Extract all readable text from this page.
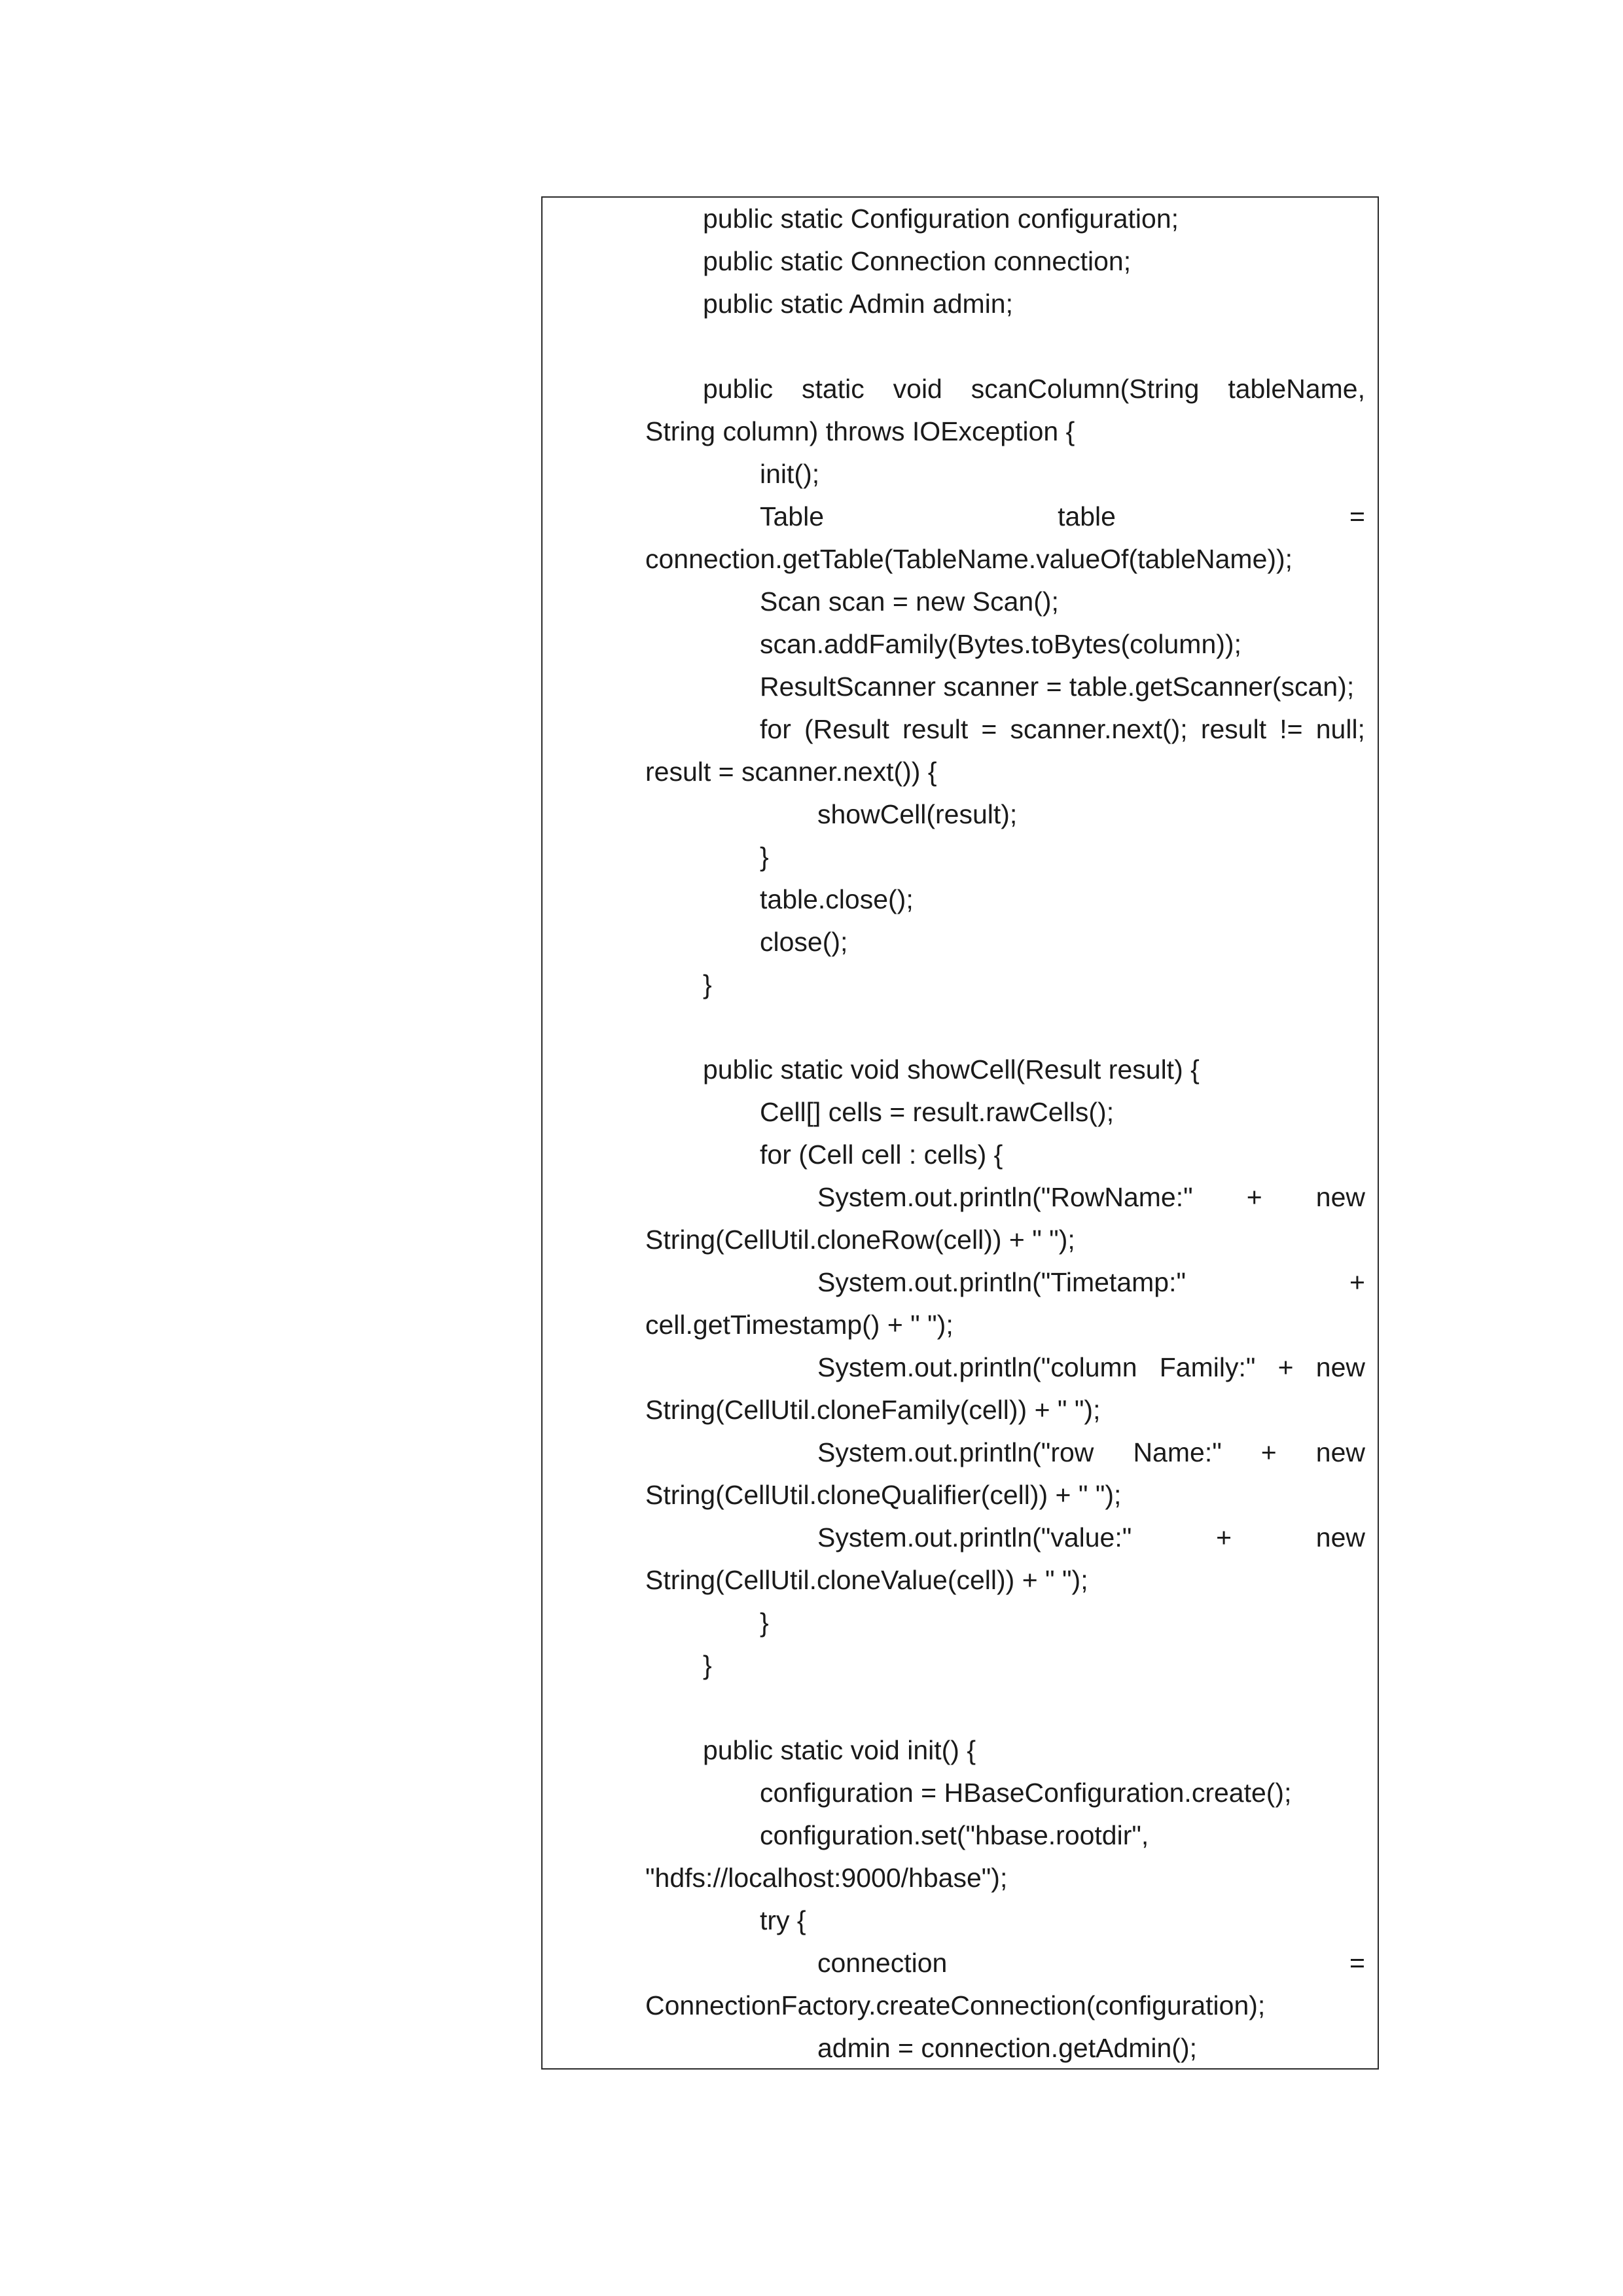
public static Configuration configuration;
public static Connection connection;
public static Admin admin;
public static void scanColumn(String tableName,
String column) throws IOException {
init();
Table	table	=
connection.getTable(TableName.valueOf(tableName));
Scan scan = new Scan();
scan.addFamily(Bytes.toBytes(column));
ResultScanner scanner = table.getScanner(scan);
for (Result result = scanner.next(); result != null;
result = scanner.next()) {
showCell(result);
}
table.close();
close();
}
public static void showCell(Result result) {
Cell[] cells = result.rawCells();
for (Cell cell : cells) {
System.out.println("RowName:" + new
String(CellUtil.cloneRow(cell)) + " ");
System.out.println("Timetamp:"	+
cell.getTimestamp() + " ");
System.out.println("column Family:" + new
String(CellUtil.cloneFamily(cell)) + " ");
System.out.println("row Name:" + new
String(CellUtil.cloneQualifier(cell)) + " ");
System.out.println("value:"	+	new
String(CellUtil.cloneValue(cell)) + " ");
}
}
public static void init() {
configuration = HBaseConfiguration.create();
configuration.set("hbase.rootdir",
"hdfs://localhost:9000/hbase");
try {
connection	=
ConnectionFactory.createConnection(configuration);
admin = connection.getAdmin();
